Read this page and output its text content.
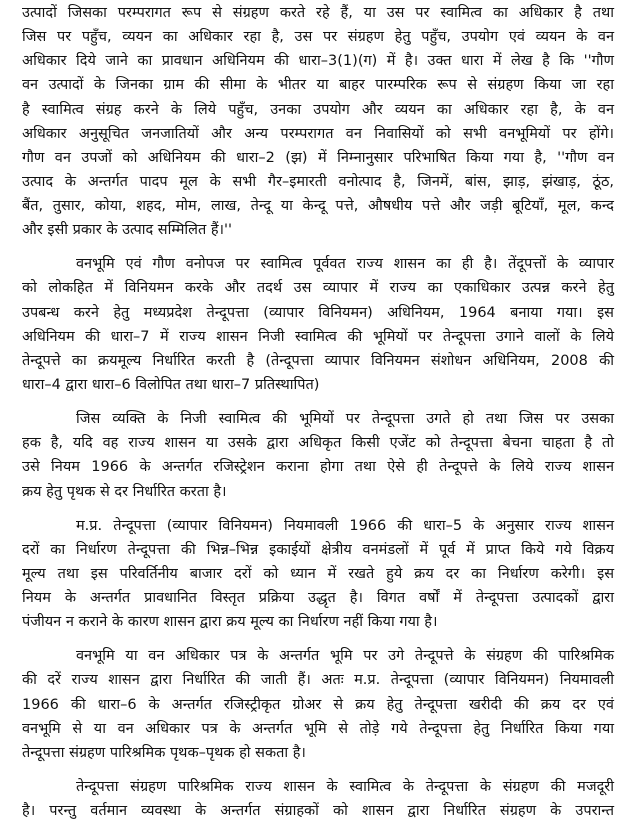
उत्पादों जिसका परम्परागत रूप से संग्रहण करते रहे हैं, या उस पर स्वामित्व का अधिकार है तथा
जिस पर पहुँच, व्ययन का अधिकार रहा है, उस पर संग्रहण हेतु पहुँच, उपयोग एवं व्ययन के वन
अधिकार दिये जाने का प्रावधान अधिनियम की धारा–3(1)(ग) में है। उक्त धारा में लेख है कि ''गौण
वन उत्पादों के जिनका ग्राम की सीमा के भीतर या बाहर पारम्परिक रूप से संग्रहण किया जा रहा
है स्वामित्व संग्रह करने के लिये पहुँच, उनका उपयोग और व्ययन का अधिकार रहा है, के वन
अधिकार अनुसूचित जनजातियों और अन्य परम्परागत वन निवासियों को सभी वनभूमियों पर होंगे।
गौण वन उपजों को अधिनियम की धारा–2 (झ) में निम्नानुसार परिभाषित किया गया है, ''गौण वन
उत्पाद के अन्तर्गत पादप मूल के सभी गैर–इमारती वनोत्पाद है, जिनमें, बांस, झाड़, झंखाड़, ठूंठ,
बैंत, तुसार, कोया, शहद, मोम, लाख, तेन्दू या केन्दू पत्ते, औषधीय पत्ते और जड़ी बूटियाँ, मूल, कन्द
और इसी प्रकार के उत्पाद सम्मिलित हैं।''
वनभूमि एवं गौण वनोपज पर स्वामित्व पूर्ववत राज्य शासन का ही है। तेंदूपत्तों के व्यापार
को लोकहित में विनियमन करके और तदर्थ उस व्यापार में राज्य का एकाधिकार उत्पन्न करने हेतु
उपबन्ध करने हेतु मध्यप्रदेश तेन्दूपत्ता (व्यापार विनियमन) अधिनियम, 1964 बनाया गया। इस
अधिनियम की धारा–7 में राज्य शासन निजी स्वामित्व की भूमियों पर तेन्दूपत्ता उगाने वालों के लिये
तेन्दूपत्ते का क्रयमूल्य निर्धारित करती है (तेन्दूपत्ता व्यापार विनियमन संशोधन अधिनियम, 2008 की
धारा–4 द्वारा धारा–6 विलोपित तथा धारा–7 प्रतिस्थापित)
जिस व्यक्ति के निजी स्वामित्व की भूमियों पर तेन्दूपत्ता उगते हो तथा जिस पर उसका
हक है, यदि वह राज्य शासन या उसके द्वारा अधिकृत किसी एजेंट को तेन्दूपत्ता बेचना चाहता है तो
उसे नियम 1966 के अन्तर्गत रजिस्ट्रेशन कराना होगा तथा ऐसे ही तेन्दूपत्ते के लिये राज्य शासन
क्रय हेतु पृथक से दर निर्धारित करता है।
म.प्र. तेन्दूपत्ता (व्यापार विनियमन) नियमावली 1966 की धारा–5 के अनुसार राज्य शासन
दरों का निर्धारण तेन्दूपत्ता की भिन्न–भिन्न इकाईयों क्षेत्रीय वनमंडलों में पूर्व में प्राप्त किये गये विक्रय
मूल्य तथा इस परिवर्तिनीय बाजार दरों को ध्यान में रखते हुये क्रय दर का निर्धारण करेगी। इस
नियम के अन्तर्गत प्रावधानित विस्तृत प्रक्रिया उद्धृत है। विगत वर्षों में तेन्दूपत्ता उत्पादकों द्वारा
पंजीयन न कराने के कारण शासन द्वारा क्रय मूल्य का निर्धारण नहीं किया गया है।
वनभूमि या वन अधिकार पत्र के अन्तर्गत भूमि पर उगे तेन्दूपत्ते के संग्रहण की पारिश्रमिक
की दरें राज्य शासन द्वारा निर्धारित की जाती हैं। अतः म.प्र. तेन्दूपत्ता (व्यापार विनियमन) नियमावली
1966 की धारा–6 के अन्तर्गत रजिस्ट्रीकृत ग्रोअर से क्रय हेतु तेन्दूपत्ता खरीदी की क्रय दर एवं
वनभूमि से या वन अधिकार पत्र के अन्तर्गत भूमि से तोड़े गये तेन्दूपत्ता हेतु निर्धारित किया गया
तेन्दूपत्ता संग्रहण पारिश्रमिक पृथक–पृथक हो सकता है।
तेन्दूपत्ता संग्रहण पारिश्रमिक राज्य शासन के स्वामित्व के तेन्दूपत्ता के संग्रहण की मजदूरी
है। परन्तु वर्तमान व्यवस्था के अन्तर्गत संग्राहकों को शासन द्वारा निर्धारित संग्रहण के उपरान्त
